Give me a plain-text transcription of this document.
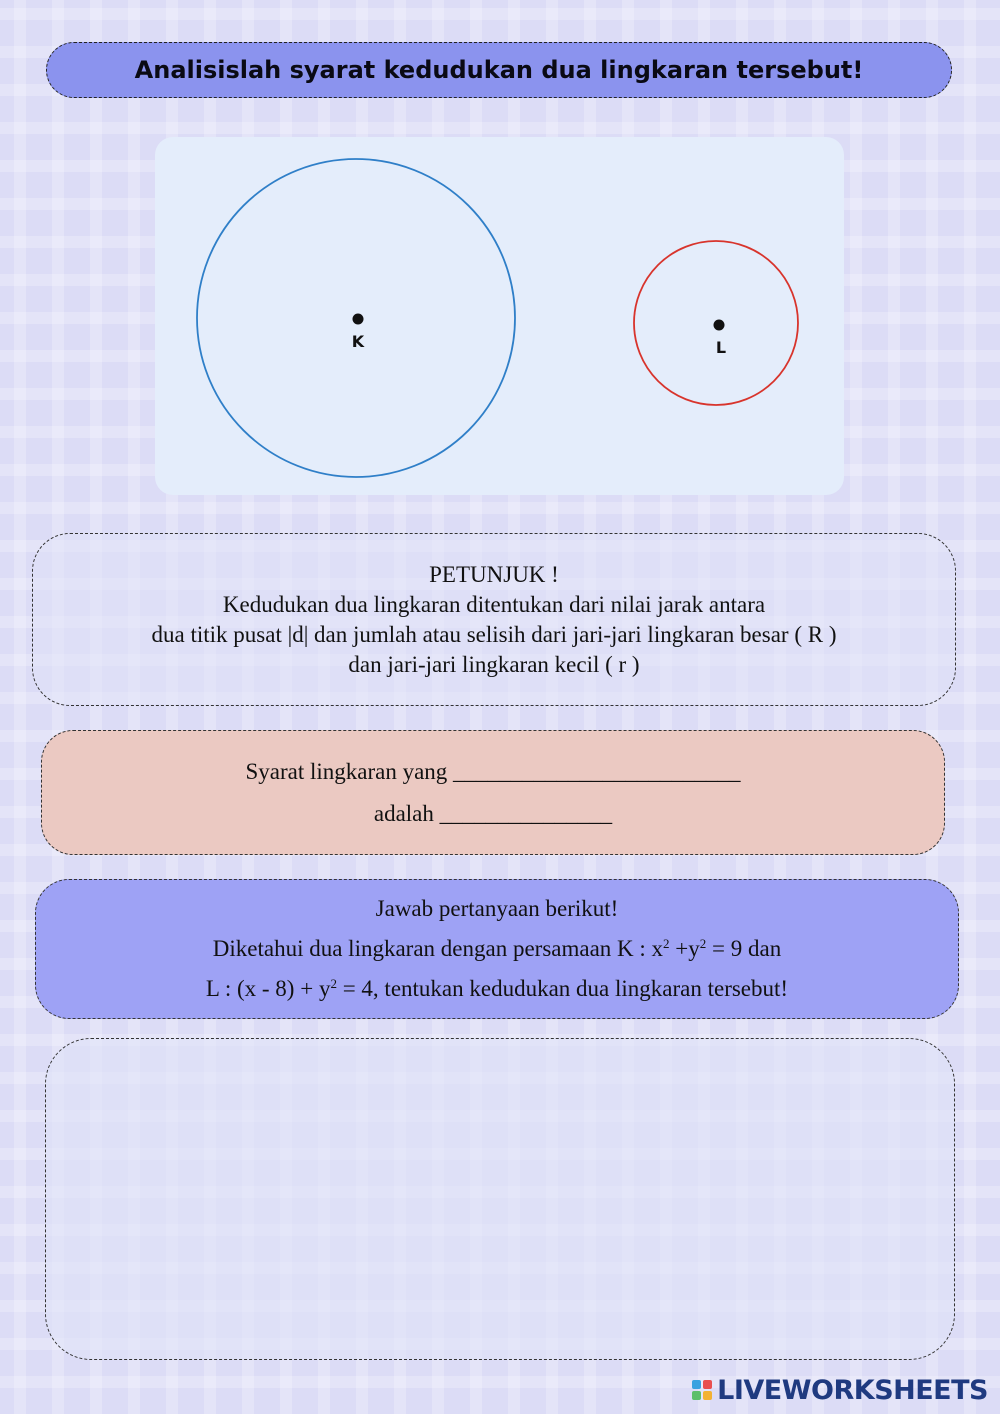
Analisislah syarat kedudukan dua lingkaran tersebut!
K	L
PETUNJUK !
Kedudukan dua lingkaran ditentukan dari nilai jarak antara
dua titik pusat |d| dan jumlah atau selisih dari jari-jari lingkaran besar ( R )
dan jari-jari lingkaran kecil ( r )
Syarat lingkaran yang _________________________
adalah _______________
Jawab pertanyaan berikut!
Diketahui dua lingkaran dengan persamaan K : $x^2 +y^2 = 9$ dan
L : $(x - 8) + y^2 = 4$, tentukan kedudukan dua lingkaran tersebut!
LIVEWORKSHEETS
